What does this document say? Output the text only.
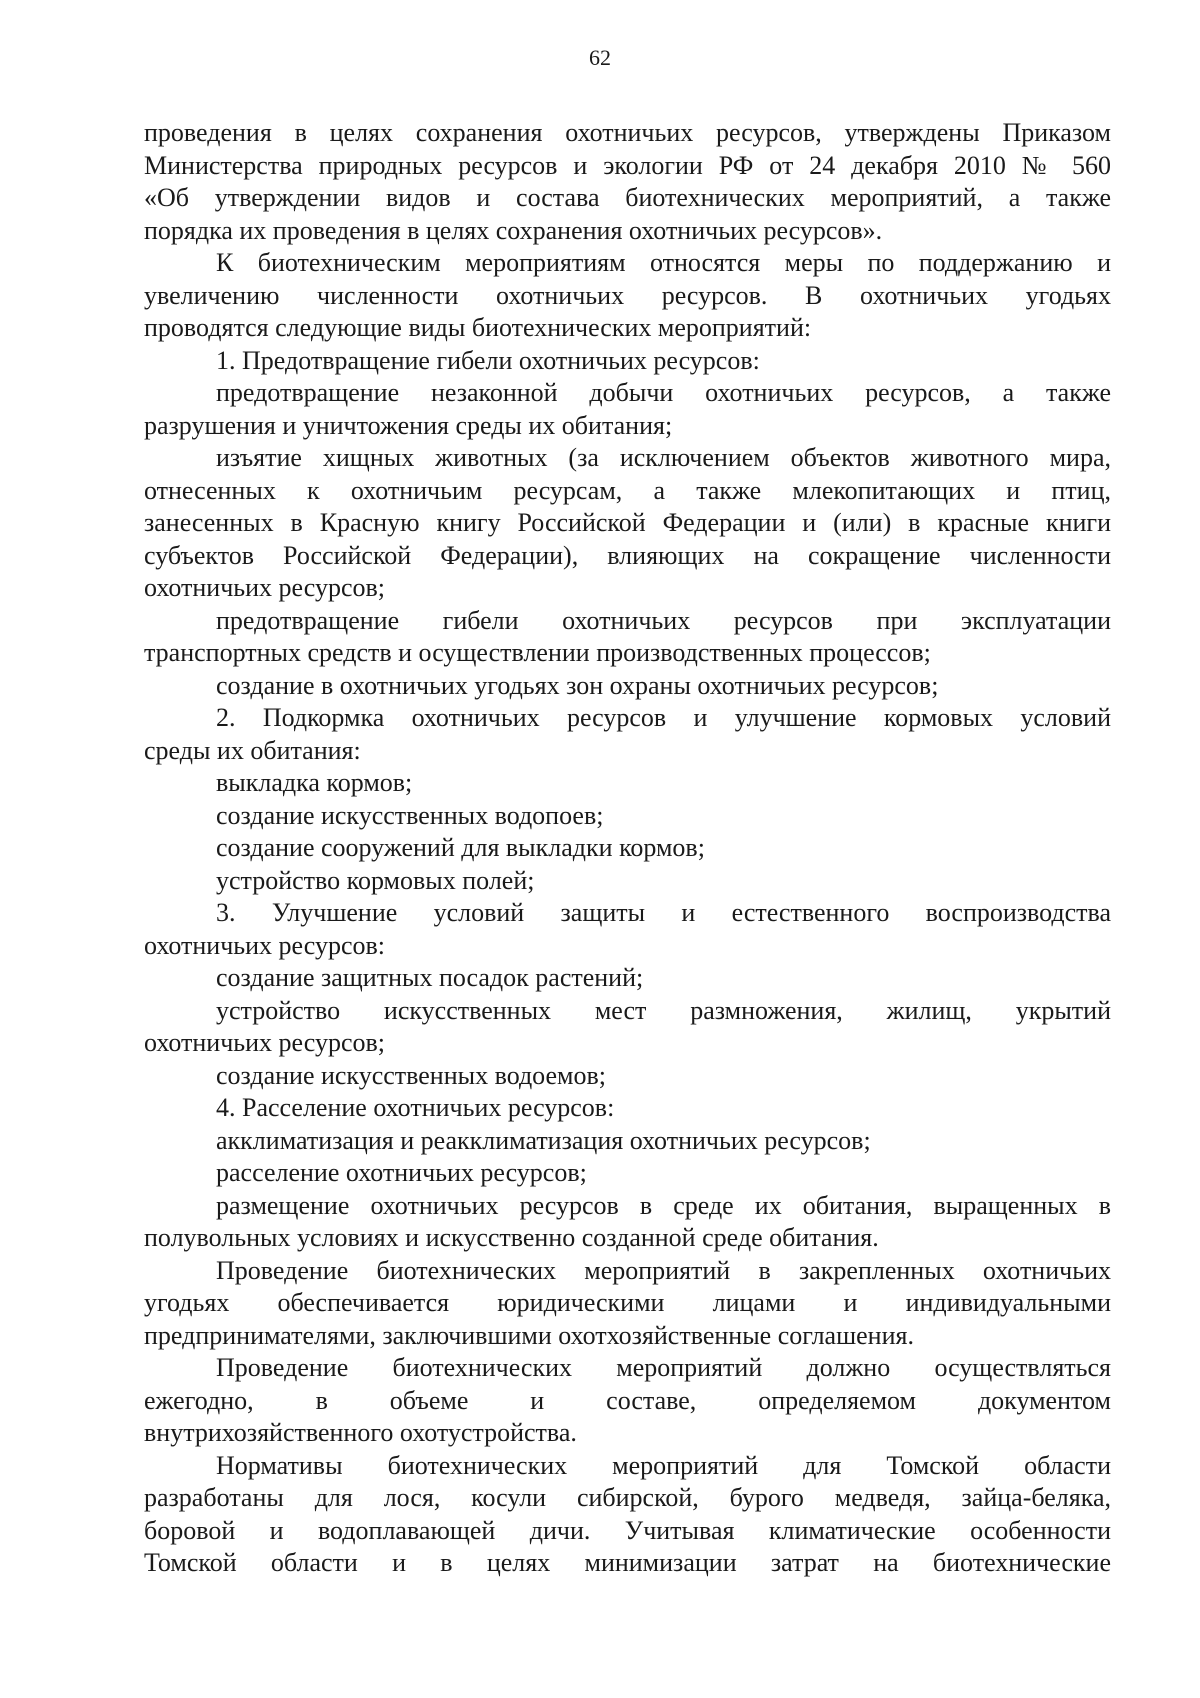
62
проведения в целях сохранения охотничьих ресурсов, утверждены Приказом
Министерства природных ресурсов и экологии РФ от 24 декабря 2010 № 560
«Об утверждении видов и состава биотехнических мероприятий, а также
порядка их проведения в целях сохранения охотничьих ресурсов».
К биотехническим мероприятиям относятся меры по поддержанию и
увеличению численности охотничьих ресурсов. В охотничьих угодьях
проводятся следующие виды биотехнических мероприятий:
1. Предотвращение гибели охотничьих ресурсов:
предотвращение незаконной добычи охотничьих ресурсов, а также
разрушения и уничтожения среды их обитания;
изъятие хищных животных (за исключением объектов животного мира,
отнесенных к охотничьим ресурсам, а также млекопитающих и птиц,
занесенных в Красную книгу Российской Федерации и (или) в красные книги
субъектов Российской Федерации), влияющих на сокращение численности
охотничьих ресурсов;
предотвращение гибели охотничьих ресурсов при эксплуатации
транспортных средств и осуществлении производственных процессов;
создание в охотничьих угодьях зон охраны охотничьих ресурсов;
2. Подкормка охотничьих ресурсов и улучшение кормовых условий
среды их обитания:
выкладка кормов;
создание искусственных водопоев;
создание сооружений для выкладки кормов;
устройство кормовых полей;
3. Улучшение условий защиты и естественного воспроизводства
охотничьих ресурсов:
создание защитных посадок растений;
устройство искусственных мест размножения, жилищ, укрытий
охотничьих ресурсов;
создание искусственных водоемов;
4. Расселение охотничьих ресурсов:
акклиматизация и реакклиматизация охотничьих ресурсов;
расселение охотничьих ресурсов;
размещение охотничьих ресурсов в среде их обитания, выращенных в
полувольных условиях и искусственно созданной среде обитания.
Проведение биотехнических мероприятий в закрепленных охотничьих
угодьях обеспечивается юридическими лицами и индивидуальными
предпринимателями, заключившими охотхозяйственные соглашения.
Проведение биотехнических мероприятий должно осуществляться
ежегодно, в объеме и составе, определяемом документом
внутрихозяйственного охотустройства.
Нормативы биотехнических мероприятий для Томской области
разработаны для лося, косули сибирской, бурого медведя, зайца-беляка,
боровой и водоплавающей дичи. Учитывая климатические особенности
Томской области и в целях минимизации затрат на биотехнические
